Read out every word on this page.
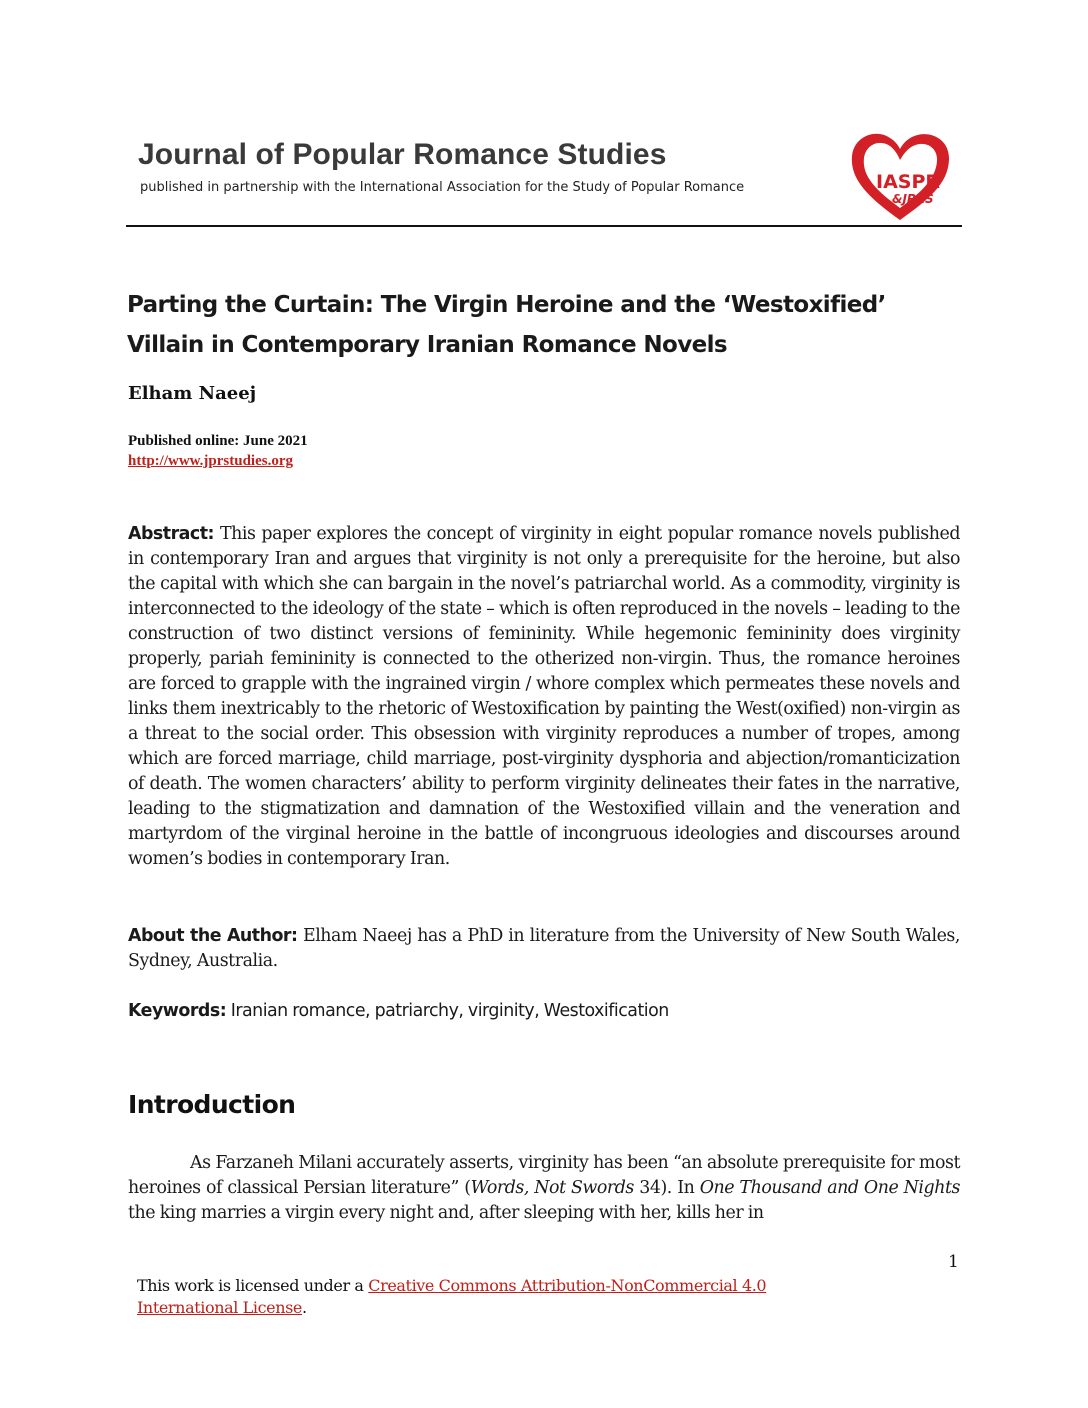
Journal of Popular Romance Studies
published in partnership with the International Association for the Study of Popular Romance	IASPR
&JPRS
Parting the Curtain: The Virgin Heroine and the ‘Westoxified’ Villain in Contemporary Iranian Romance Novels
Elham Naeej
Published online: June 2021
http://www.jprstudies.org

Abstract: This paper explores the concept of virginity in eight popular romance novels published in contemporary Iran and argues that virginity is not only a prerequisite for the heroine, but also the capital with which she can bargain in the novel’s patriarchal world. As a commodity, virginity is interconnected to the ideology of the state – which is often reproduced in the novels – leading to the construction of two distinct versions of femininity. While hegemonic femininity does virginity properly, pariah femininity is connected to the otherized non-virgin. Thus, the romance heroines are forced to grapple with the ingrained virgin / whore complex which permeates these novels and links them inextricably to the rhetoric of Westoxification by painting the West(oxified) non-virgin as a threat to the social order. This obsession with virginity reproduces a number of tropes, among which are forced marriage, child marriage, post-virginity dysphoria and abjection/romanticization of death. The women characters’ ability to perform virginity delineates their fates in the narrative, leading to the stigmatization and damnation of the Westoxified villain and the veneration and martyrdom of the virginal heroine in the battle of incongruous ideologies and discourses around women’s bodies in contemporary Iran.

About the Author: Elham Naeej has a PhD in literature from the University of New South Wales, Sydney, Australia.

Keywords: Iranian romance, patriarchy, virginity, Westoxification

Introduction

As Farzaneh Milani accurately asserts, virginity has been “an absolute prerequisite for most heroines of classical Persian literature” (Words, Not Swords 34). In One Thousand and One Nights the king marries a virgin every night and, after sleeping with her, kills her in

1
This work is licensed under a Creative Commons Attribution-NonCommercial 4.0 International License.
